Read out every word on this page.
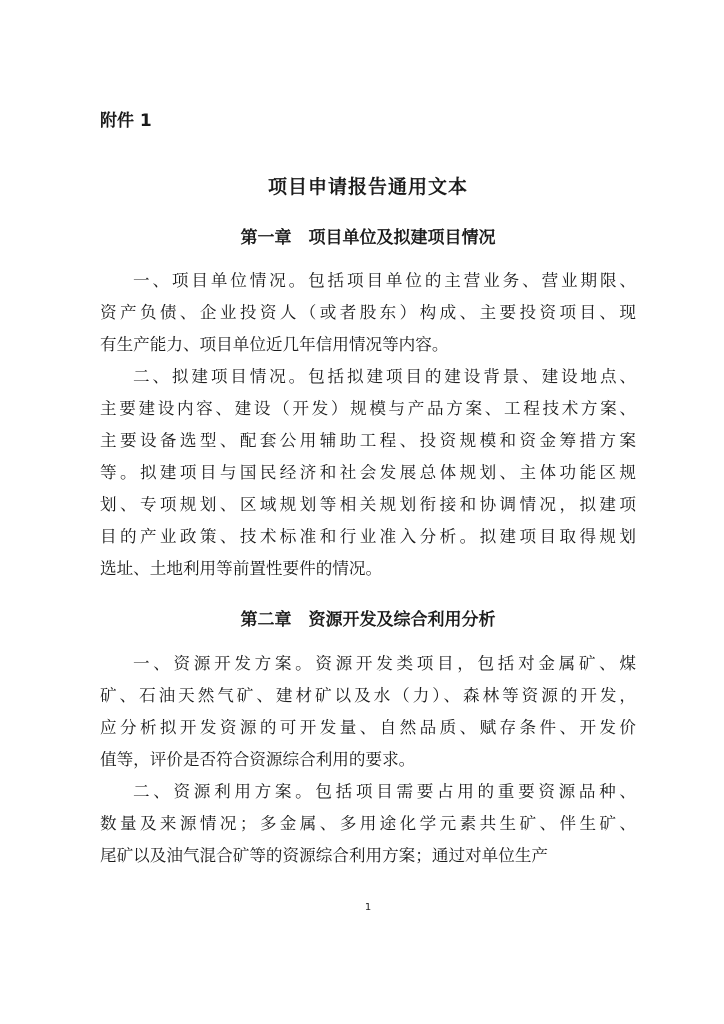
附件 1
项目申请报告通用文本
第一章　项目单位及拟建项目情况
一、项目单位情况。包括项目单位的主营业务、营业期限、
资产负债、企业投资人（或者股东）构成、主要投资项目、现
有生产能力、项目单位近几年信用情况等内容。
二、拟建项目情况。包括拟建项目的建设背景、建设地点、
主要建设内容、建设（开发）规模与产品方案、工程技术方案、
主要设备选型、配套公用辅助工程、投资规模和资金筹措方案
等。拟建项目与国民经济和社会发展总体规划、主体功能区规
划、专项规划、区域规划等相关规划衔接和协调情况，拟建项
目的产业政策、技术标准和行业准入分析。拟建项目取得规划
选址、土地利用等前置性要件的情况。
第二章　资源开发及综合利用分析
一、资源开发方案。资源开发类项目，包括对金属矿、煤
矿、石油天然气矿、建材矿以及水（力）、森林等资源的开发，
应分析拟开发资源的可开发量、自然品质、赋存条件、开发价
值等，评价是否符合资源综合利用的要求。
二、资源利用方案。包括项目需要占用的重要资源品种、
数量及来源情况；多金属、多用途化学元素共生矿、伴生矿、
尾矿以及油气混合矿等的资源综合利用方案；通过对单位生产
1
